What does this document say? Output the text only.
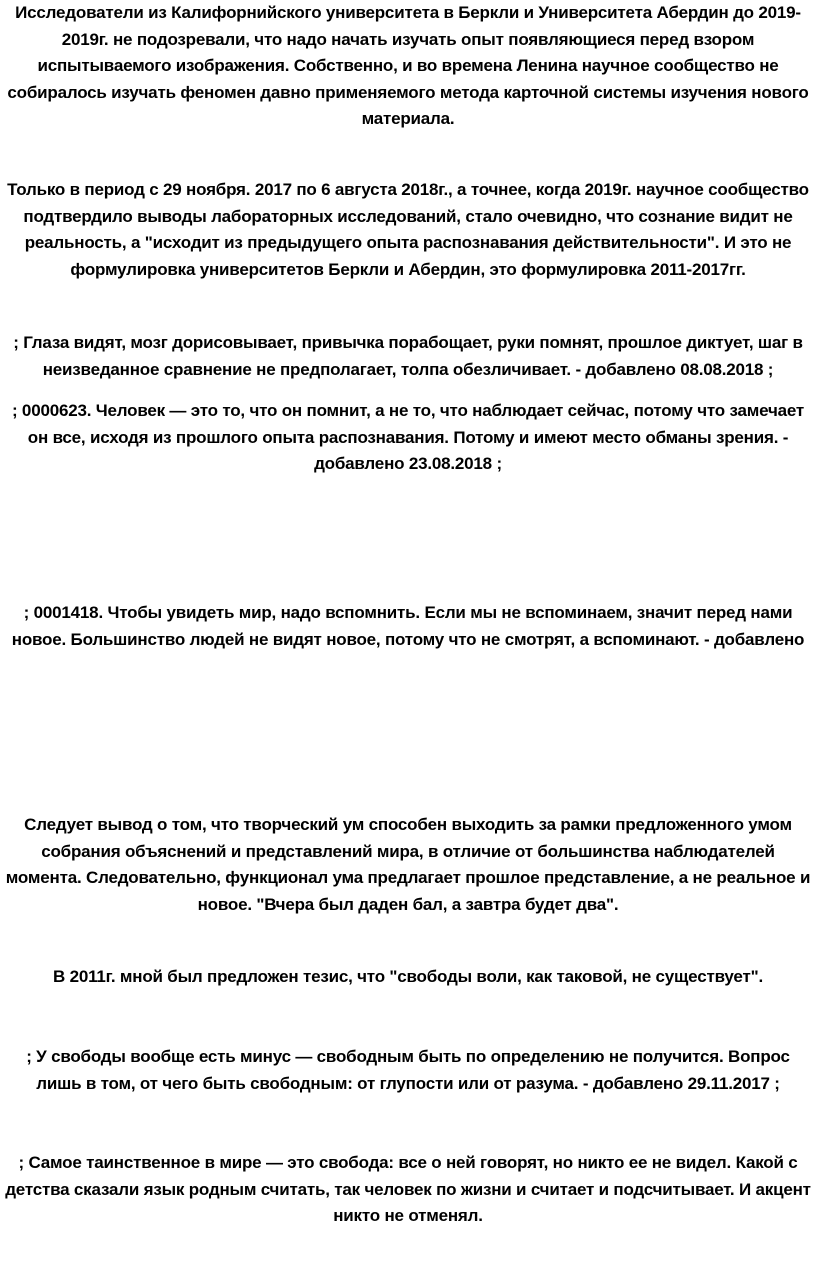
Исследователи из Калифорнийского университета в Беркли и Университета Абердин до 2019-2019г. не подозревали, что надо начать изучать опыт появляющиеся перед взором испытываемого изображения. Собственно, и во времена Ленина научное сообщество не собиралось изучать феномен давно применяемого метода карточной системы изучения нового материала.

Только в период с 29 ноября. 2017 по 6 августа 2018г., а точнее, когда 2019г. научное сообщество подтвердило выводы лабораторных исследований, стало очевидно, что сознание видит не реальность, а "исходит из предыдущего опыта распознавания действительности". И это не формулировка университетов Беркли и Абердин, это формулировка 2011-2017гг.

; Глаза видят, мозг дорисовывает, привычка порабощает, руки помнят, прошлое диктует, шаг в неизведанное сравнение не предполагает, толпа обезличивает. - добавлено 08.08.2018 ;

; 0000623. Человек — это то, что он помнит, а не то, что наблюдает сейчас, потому что замечает он все, исходя из прошлого опыта распознавания. Потому и имеют место обманы зрения. - добавлено 23.08.2018 ;

; 0001418. Чтобы увидеть мир, надо вспомнить. Если мы не вспоминаем, значит перед нами новое. Большинство людей не видят новое, потому что не смотрят, а вспоминают. - добавлено

Следует вывод о том, что творческий ум способен выходить за рамки предложенного умом собрания объяснений и представлений мира, в отличие от большинства наблюдателей момента. Следовательно, функционал ума предлагает прошлое представление, а не реальное и новое. "Вчера был даден бал, а завтра будет два".

В 2011г. мной был предложен тезис, что "свободы воли, как таковой, не существует".

; У свободы вообще есть минус — свободным быть по определению не получится. Вопрос лишь в том, от чего быть свободным: от глупости или от разума. - добавлено 29.11.2017 ;

; Самое таинственное в мире — это свобода: все о ней говорят, но никто ее не видел. Какой с детства сказали язык родным считать, так человек по жизни и считает и подсчитывает. И акцент никто не отменял.
